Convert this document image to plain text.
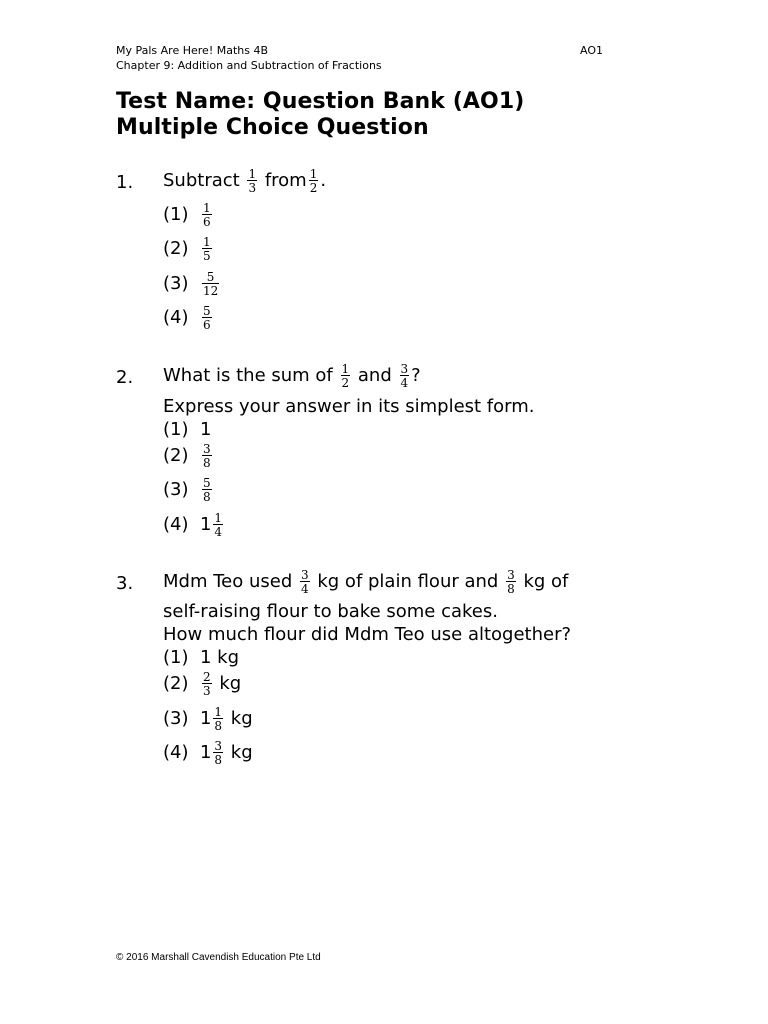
My Pals Are Here! Maths 4B	AO1
Chapter 9: Addition and Subtraction of Fractions
Test Name: Question Bank (AO1)
Multiple Choice Question
1. Subtract $\frac{1}{3}$ from $\frac{1}{2}$ .
$(1) \frac{1}{6}$
$(2) \frac{1}{5}$
$(3) \frac{5}{12}$
$(4) \frac{5}{6}$
2. What is the sum of $\frac{1}{2}$ and $\frac{3}{4}$ ?
Express your answer in its simplest form.
(1) 1
$(2) \frac{3}{8}$
$(3) \frac{5}{8}$
(4) $1 \frac{1}{4}$
3. Mdm Teo used $\frac{3}{4}$ kg of plain flour and $\frac{3}{8}$ kg of
self-raising flour to bake some cakes.
How much flour did Mdm Teo use altogether?
(1) 1 kg
$(2) \frac{2}{3}$ kg
(3) $1 \frac{1}{8}$ kg
(4) $1 \frac{3}{8}$ kg
© 2016 Marshall Cavendish Education Pte Ltd
